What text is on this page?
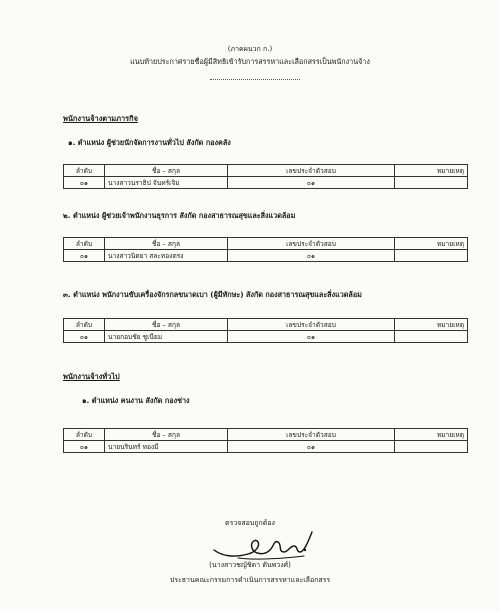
(ภาคผนวก ก.)
แนบท้ายประกาศรายชื่อผู้มีสิทธิเข้ารับการสรรหาและเลือกสรรเป็นพนักงานจ้าง
พนักงานจ้างตามภารกิจ
๑. ตำแหน่ง ผู้ช่วยนักจัดการงานทั่วไป สังกัด กองคลัง
ลำดับ	ชื่อ – สกุล	เลขประจำตัวสอบ	หมายเหตุ
๐๑	นางสาวนราธิป จันทร์เจิม	๐๑	
๒. ตำแหน่ง ผู้ช่วยเจ้าพนักงานธุรการ สังกัด กองสาธารณสุขและสิ่งแวดล้อม
ลำดับ	ชื่อ – สกุล	เลขประจำตัวสอบ	หมายเหตุ
๐๑	นางสาวนิตยา สละทองตรง	๐๑	
๓. ตำแหน่ง พนักงานขับเครื่องจักรกลขนาดเบา (ผู้มีทักษะ) สังกัด กองสาธารณสุขและสิ่งแวดล้อม
ลำดับ	ชื่อ – สกุล	เลขประจำตัวสอบ	หมายเหตุ
๐๑	นายกอบชัย ชูเนียม	๐๑	
พนักงานจ้างทั่วไป
๑. ตำแหน่ง คนงาน สังกัด กองช่าง
ลำดับ	ชื่อ – สกุล	เลขประจำตัวสอบ	หมายเหตุ
๐๑	นายนรินทร์ ทองมี	๐๑	
ตรวจสอบถูกต้อง
(นางสาวชญัชิดา ตันพวงศ์)
ประธานคณะกรรมการดำเนินการสรรหาและเลือกสรร
